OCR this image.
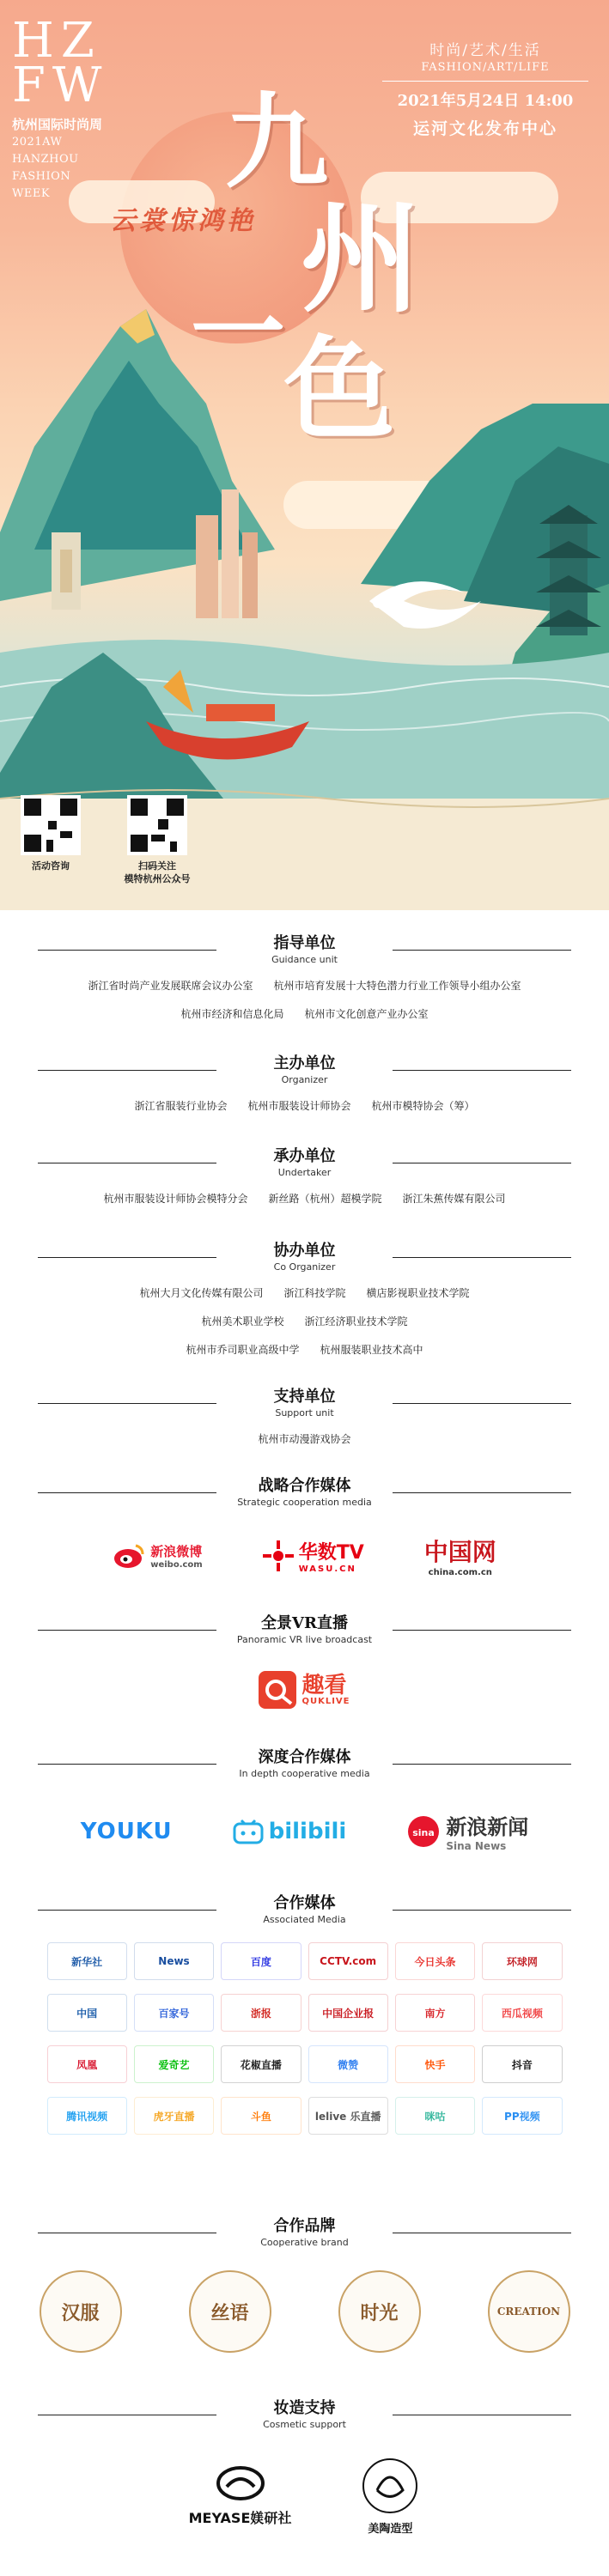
HZ FW
杭州国际时尚周
2021AW
HANZHOU
FASHION
WEEK
时尚/艺术/生活
FASHION/ART/LIFE
2021年5月24日 14:00
运河文化发布中心
云裳惊鸿艳
九
州
一
色
活动咨询	扫码关注
模特杭州公众号
指导单位
Guidance unit
浙江省时尚产业发展联席会议办公室 杭州市培育发展十大特色潜力行业工作领导小组办公室
杭州市经济和信息化局 杭州市文化创意产业办公室
主办单位
Organizer
浙江省服装行业协会 杭州市服装设计师协会 杭州市模特协会（筹）
承办单位
Undertaker
杭州市服装设计师协会模特分会 新丝路（杭州）超模学院 浙江朱蕉传媒有限公司
协办单位
Co Organizer
杭州大月文化传媒有限公司 浙江科技学院 横店影视职业技术学院
杭州美术职业学校 浙江经济职业技术学院
杭州市乔司职业高级中学 杭州服装职业技术高中
支持单位
Support unit
杭州市动漫游戏协会
战略合作媒体
Strategic cooperation media
新浪微博
weibo.com
华数TV
WASU.CN
中国网
china.com.cn
全景VR直播
Panoramic VR live broadcast
趣看
QUKLIVE
深度合作媒体
In depth cooperative media
YOUKU	bilibili	sina 新浪新闻
Sina News
合作媒体
Associated Media
新华社	News	百度	CCTV.com	今日头条	环球网
中国	百家号	浙报	中国企业报	南方	西瓜视频
凤凰	爱奇艺	花椒直播	微赞	快手	抖音
腾讯视频	虎牙直播	斗鱼	lelive 乐直播	咪咕	PP视频
合作品牌
Cooperative brand
汉服	丝语	时光	CREATION
妆造支持
Cosmetic support
MEYASE媄研社
美陶造型
